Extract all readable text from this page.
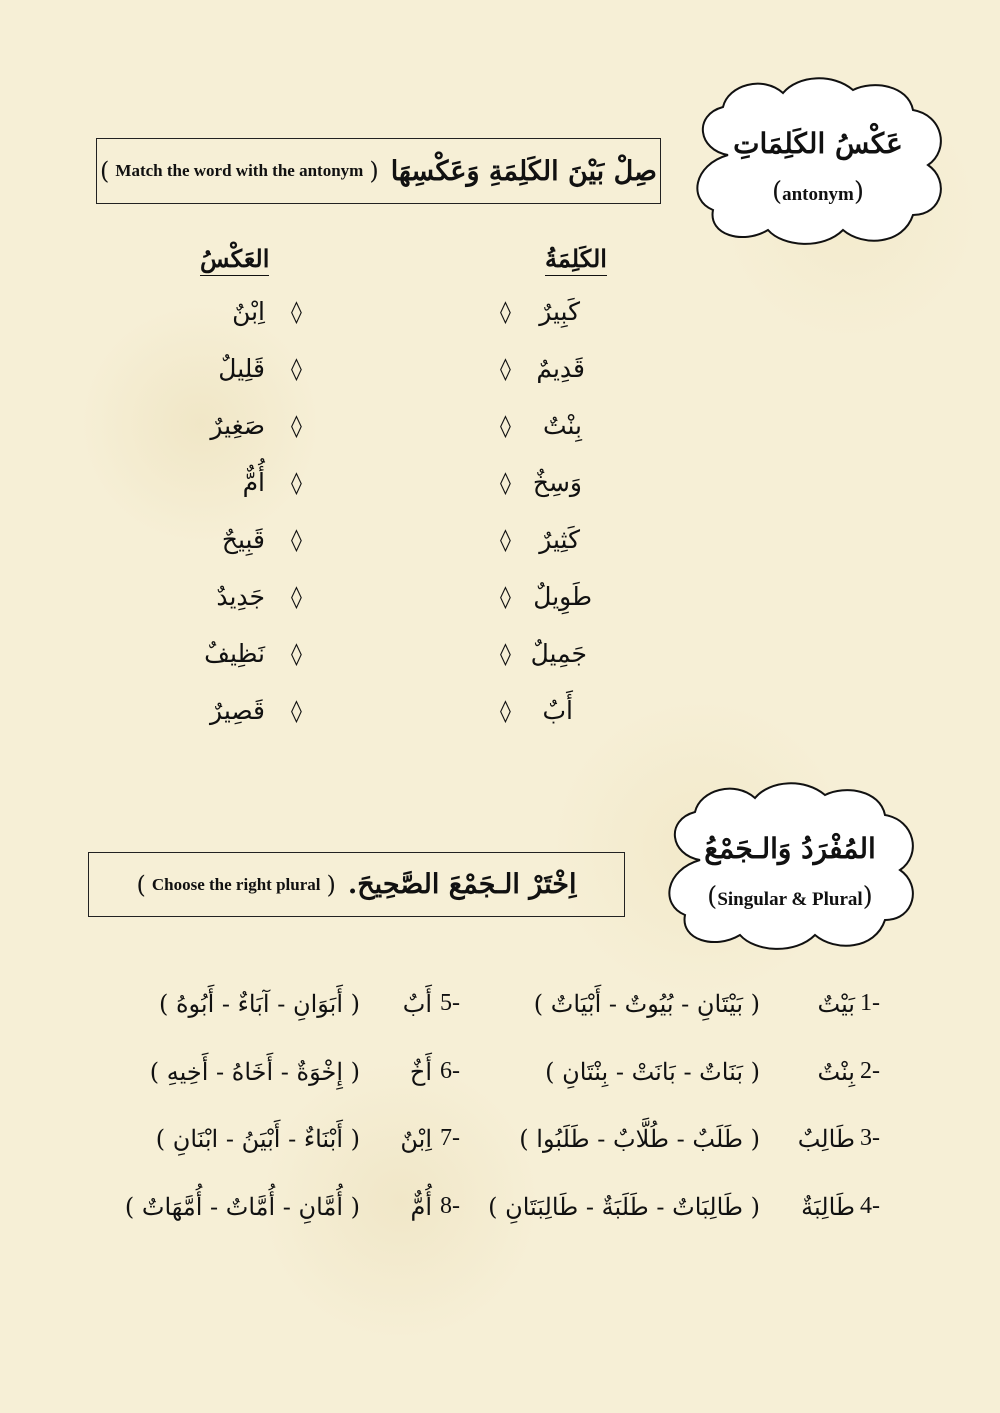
عَكْسُ الكَلِمَاتِ
(antonym)
( Match the word with the antonym ) صِلْ بَيْنَ الكَلِمَةِ وَعَكْسِهَا
الكَلِمَةُ
العَكْسُ
كَبِيرٌ
قَدِيمٌ
بِنْتٌ
وَسِخٌ
كَثِيرٌ
طَوِيلٌ
جَمِيلٌ
أَبٌ
◊
◊
◊
◊
◊
◊
◊
◊
اِبْنٌ
قَلِيلٌ
صَغِيرٌ
أُمٌّ
قَبِيحٌ
جَدِيدٌ
نَظِيفٌ
قَصِيرٌ
◊
◊
◊
◊
◊
◊
◊
◊
المُفْرَدُ وَالـجَمْعُ
(Singular & Plural)
( Choose the right plural ) اِخْتَرْ الـجَمْعَ الصَّحِيحَ.
( بَيْتَانِ - بُيُوتٌ - أَبْيَاتٌ ) بَيْتٌ 1-
( بَنَاتٌ - بَانَتْ - بِنْتَانِ ) بِنْتٌ 2-
( طَلَبٌ - طُلَّابٌ - طَلَبُوا ) طَالِبٌ 3-
( طَالِبَاتٌ - طَلَبَةٌ - طَالِبَتَانِ ) طَالِبَةٌ 4-
( أَبَوَانِ - آبَاءٌ - أَبُوهُ ) أَبٌ 5-
( إِخْوَةٌ - أَخَاهُ - أَخِيهِ ) أَخٌ 6-
( أَبْنَاءٌ - أَبْيَنُ - ابْنَانِ ) اِبْنٌ 7-
( أُمَّانِ - أُمَّاتٌ - أُمَّهَاتٌ ) أُمٌّ 8-
